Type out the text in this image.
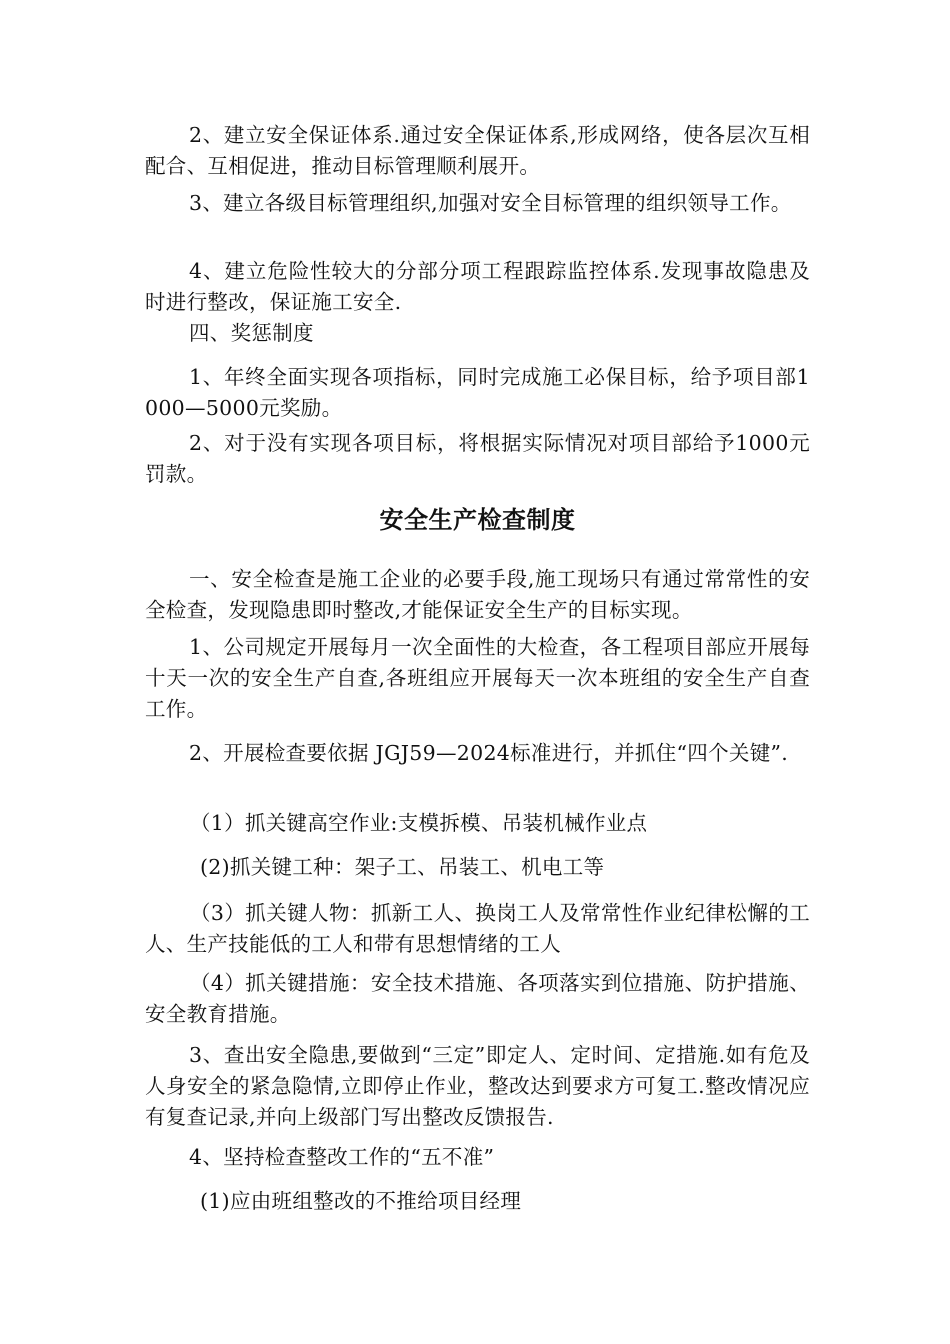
2、建立安全保证体系.通过安全保证体系,形成网络，使各层次互相配合、互相促进，推动目标管理顺利展开。

3、建立各级目标管理组织,加强对安全目标管理的组织领导工作。

4、建立危险性较大的分部分项工程跟踪监控体系.发现事故隐患及时进行整改，保证施工安全.

四、奖惩制度

1、年终全面实现各项指标，同时完成施工必保目标，给予项目部1000—5000元奖励。

2、对于没有实现各项目标，将根据实际情况对项目部给予1000元罚款。

安全生产检查制度

一、安全检查是施工企业的必要手段,施工现场只有通过常常性的安全检查，发现隐患即时整改,才能保证安全生产的目标实现。

1、公司规定开展每月一次全面性的大检查，各工程项目部应开展每十天一次的安全生产自查,各班组应开展每天一次本班组的安全生产自查工作。

2、开展检查要依据 JGJ59—2024标准进行，并抓住“四个关键”.

（1）抓关键高空作业:支模拆模、吊装机械作业点

(2)抓关键工种：架子工、吊装工、机电工等

（3）抓关键人物：抓新工人、换岗工人及常常性作业纪律松懈的工人、生产技能低的工人和带有思想情绪的工人

（4）抓关键措施：安全技术措施、各项落实到位措施、防护措施、安全教育措施。

3、查出安全隐患,要做到“三定”即定人、定时间、定措施.如有危及人身安全的紧急隐情,立即停止作业，整改达到要求方可复工.整改情况应有复查记录,并向上级部门写出整改反馈报告.

4、坚持检查整改工作的“五不准”

(1)应由班组整改的不推给项目经理
